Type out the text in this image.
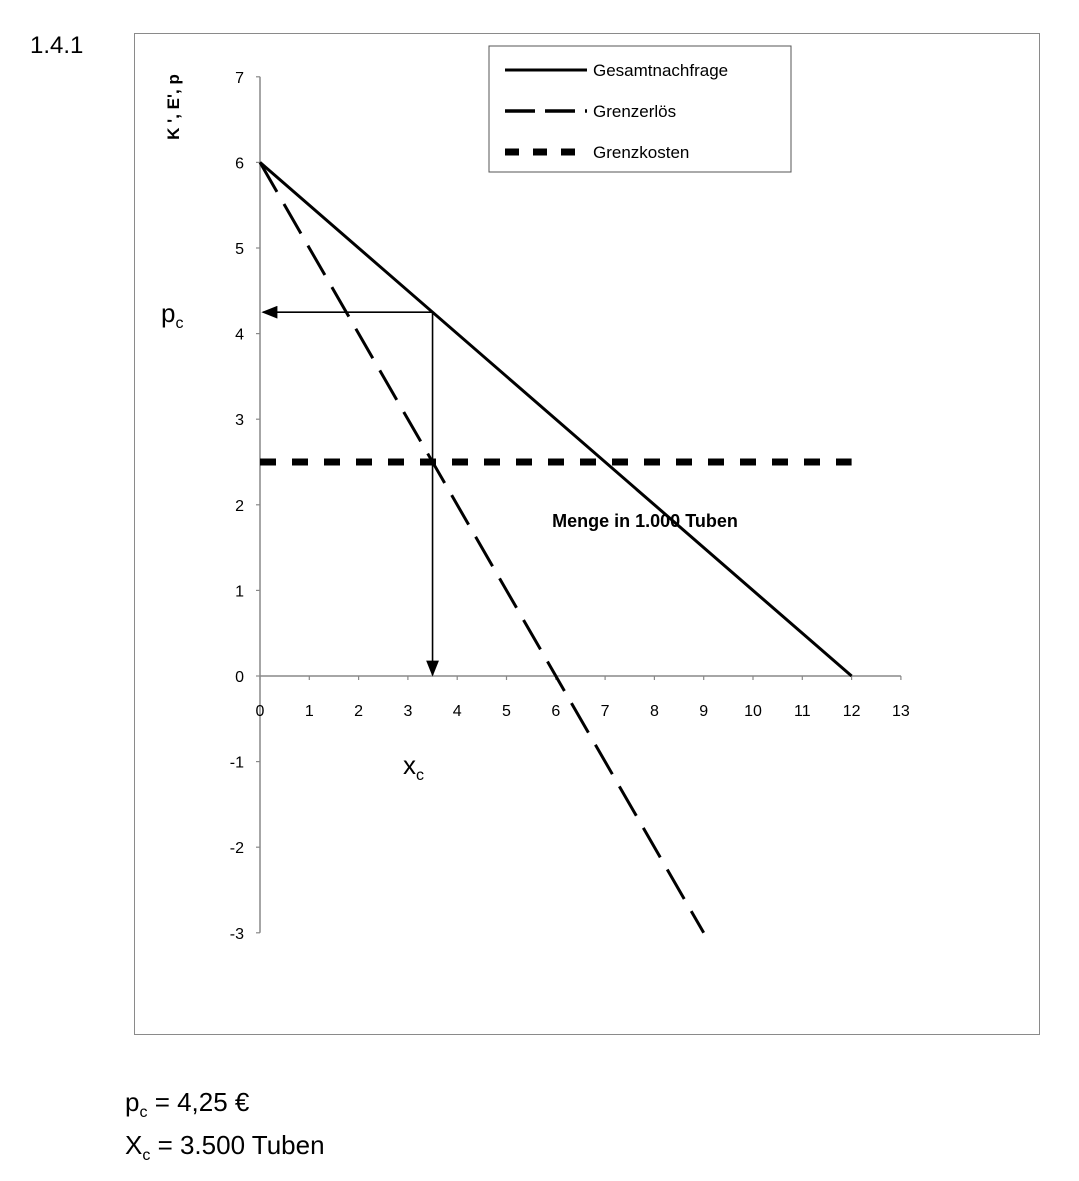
1.4.1
7
6
5
4
3
2
1
0
-1
-2
-3
0	1	2	3	4	5	6	7	8	9 10 11 12 13
K ', E', p
Menge in 1.000 Tuben
Gesamtnachfrage
Grenzerlös
Grenzkosten
$p_c$
$x_c$
$p_c = 4,25$ €
$X_c = 3.500$ Tuben
